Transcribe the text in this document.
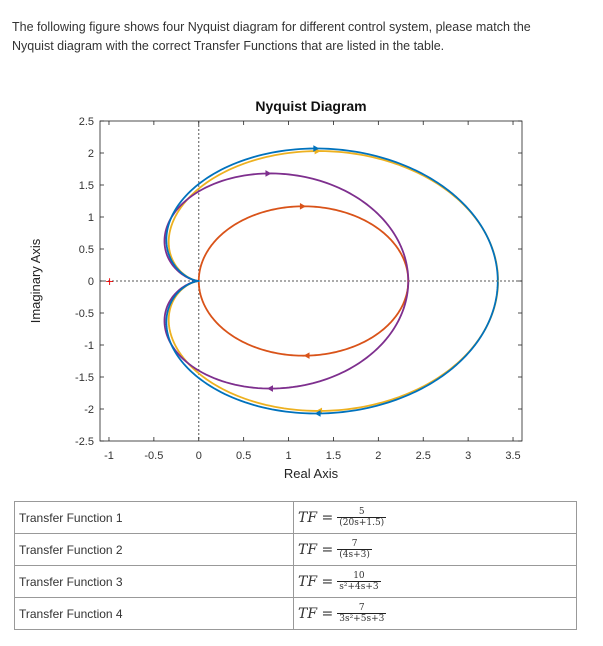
The following figure shows four Nyquist diagram for different control system, please match the Nyquist diagram with the correct Transfer Functions that are listed in the table.
2.5
2
1.5
1
0.5
0
-0.5
-1
-1.5
-2
-2.5
-1	-0.5	0	0.5	1	1.5	2	2.5	3	3.5
+
Nyquist Diagram
Real Axis
Imaginary Axis
Transfer Function 1	TF = $\frac{5}{(20s+1.5)}$

Transfer Function 2	TF = $\frac{7}{(4s+3)}$

Transfer Function 3	TF = $\frac{10}{\text{s²+4s+3}}$

Transfer Function 4	TF = $\frac{7}{\text{3s²+5s+3}}$
